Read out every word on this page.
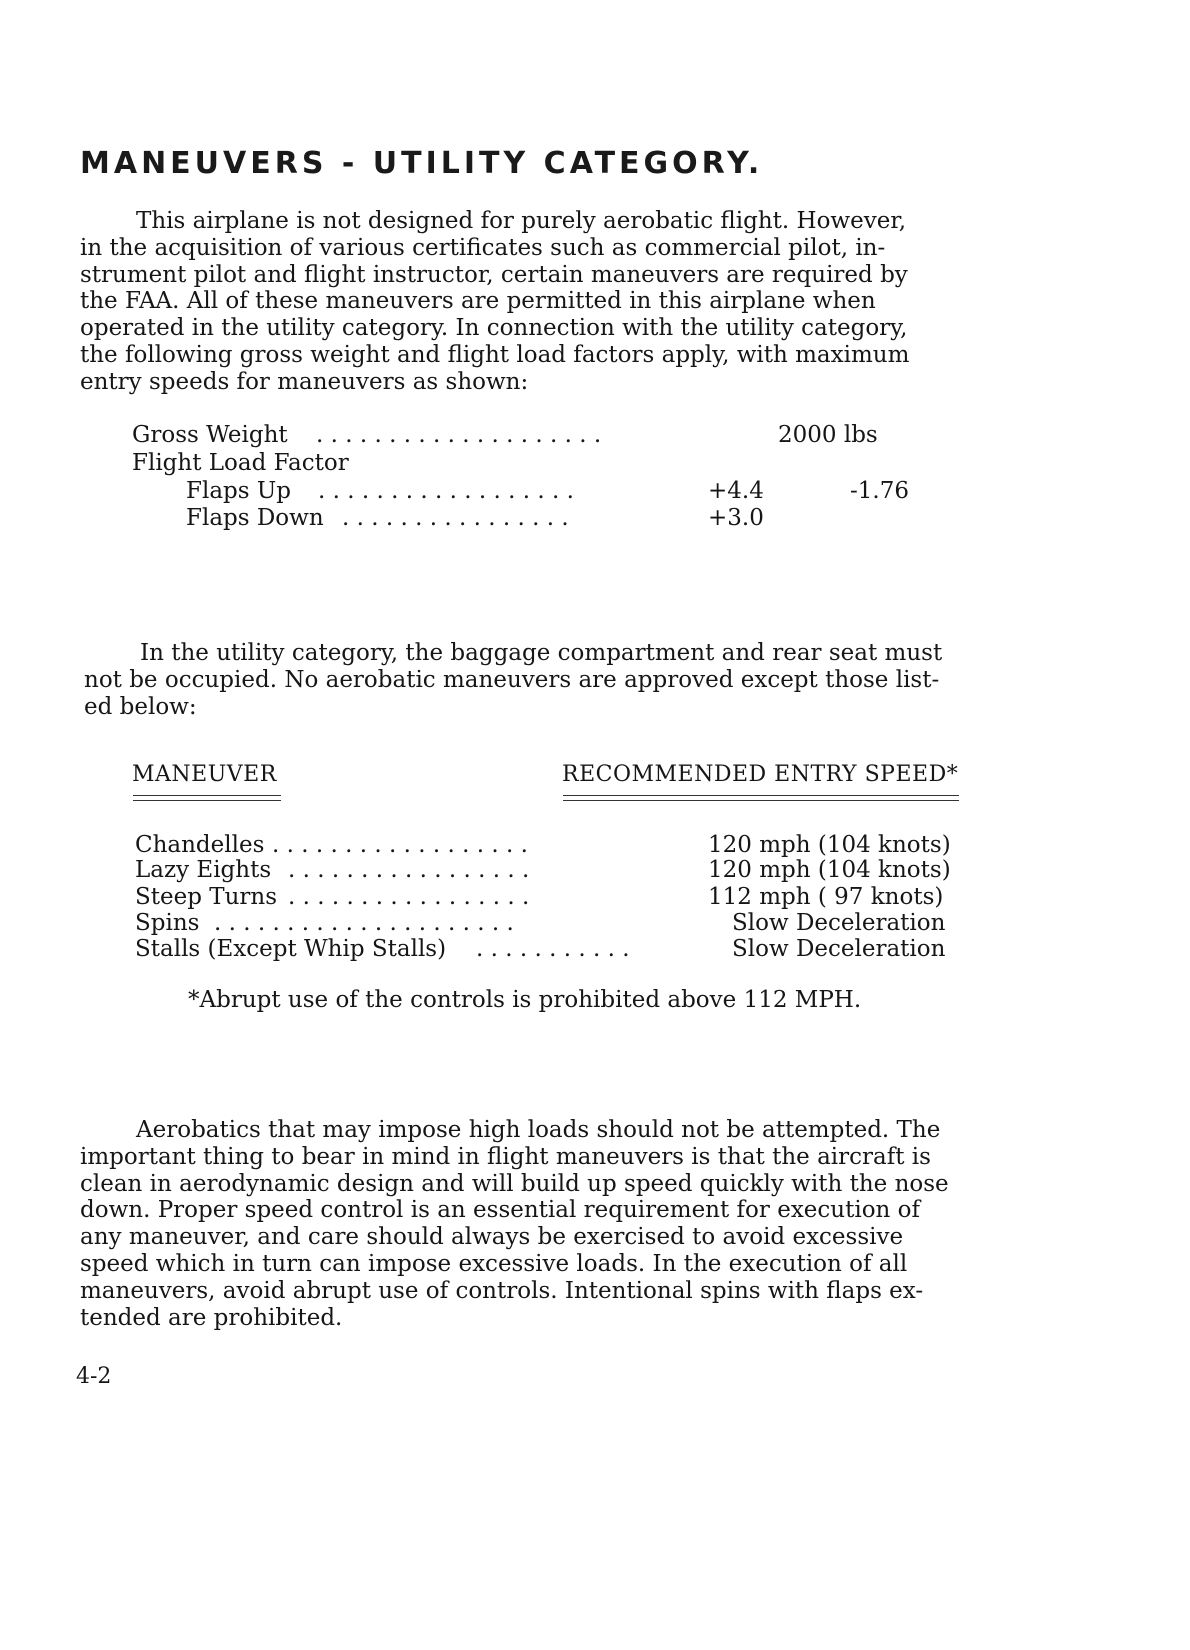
MANEUVERS - UTILITY CATEGORY.
This airplane is not designed for purely aerobatic flight. However,
in the acquisition of various certificates such as commercial pilot, in-
strument pilot and flight instructor, certain maneuvers are required by
the FAA. All of these maneuvers are permitted in this airplane when
operated in the utility category. In connection with the utility category,
the following gross weight and flight load factors apply, with maximum
entry speeds for maneuvers as shown:
Gross Weight . . . . . . . . . . . . . . . . . . . .	2000 lbs
Flight Load Factor
Flaps Up . . . . . . . . . . . . . . . . . .	+4.4	-1.76
Flaps Down . . . . . . . . . . . . . . . .	+3.0
In the utility category, the baggage compartment and rear seat must
not be occupied. No aerobatic maneuvers are approved except those list-
ed below:
MANEUVER	RECOMMENDED ENTRY SPEED*
Chandelles . . . . . . . . . . . . . . . . . .	120 mph (104 knots)
Lazy Eights . . . . . . . . . . . . . . . . .	120 mph (104 knots)
Steep Turns . . . . . . . . . . . . . . . . .	112 mph ( 97 knots)
Spins . . . . . . . . . . . . . . . . . . . . .	Slow Deceleration
Stalls (Except Whip Stalls) . . . . . . . . . . .	Slow Deceleration
*Abrupt use of the controls is prohibited above 112 MPH.
Aerobatics that may impose high loads should not be attempted. The
important thing to bear in mind in flight maneuvers is that the aircraft is
clean in aerodynamic design and will build up speed quickly with the nose
down. Proper speed control is an essential requirement for execution of
any maneuver, and care should always be exercised to avoid excessive
speed which in turn can impose excessive loads. In the execution of all
maneuvers, avoid abrupt use of controls. Intentional spins with flaps ex-
tended are prohibited.
4-2
